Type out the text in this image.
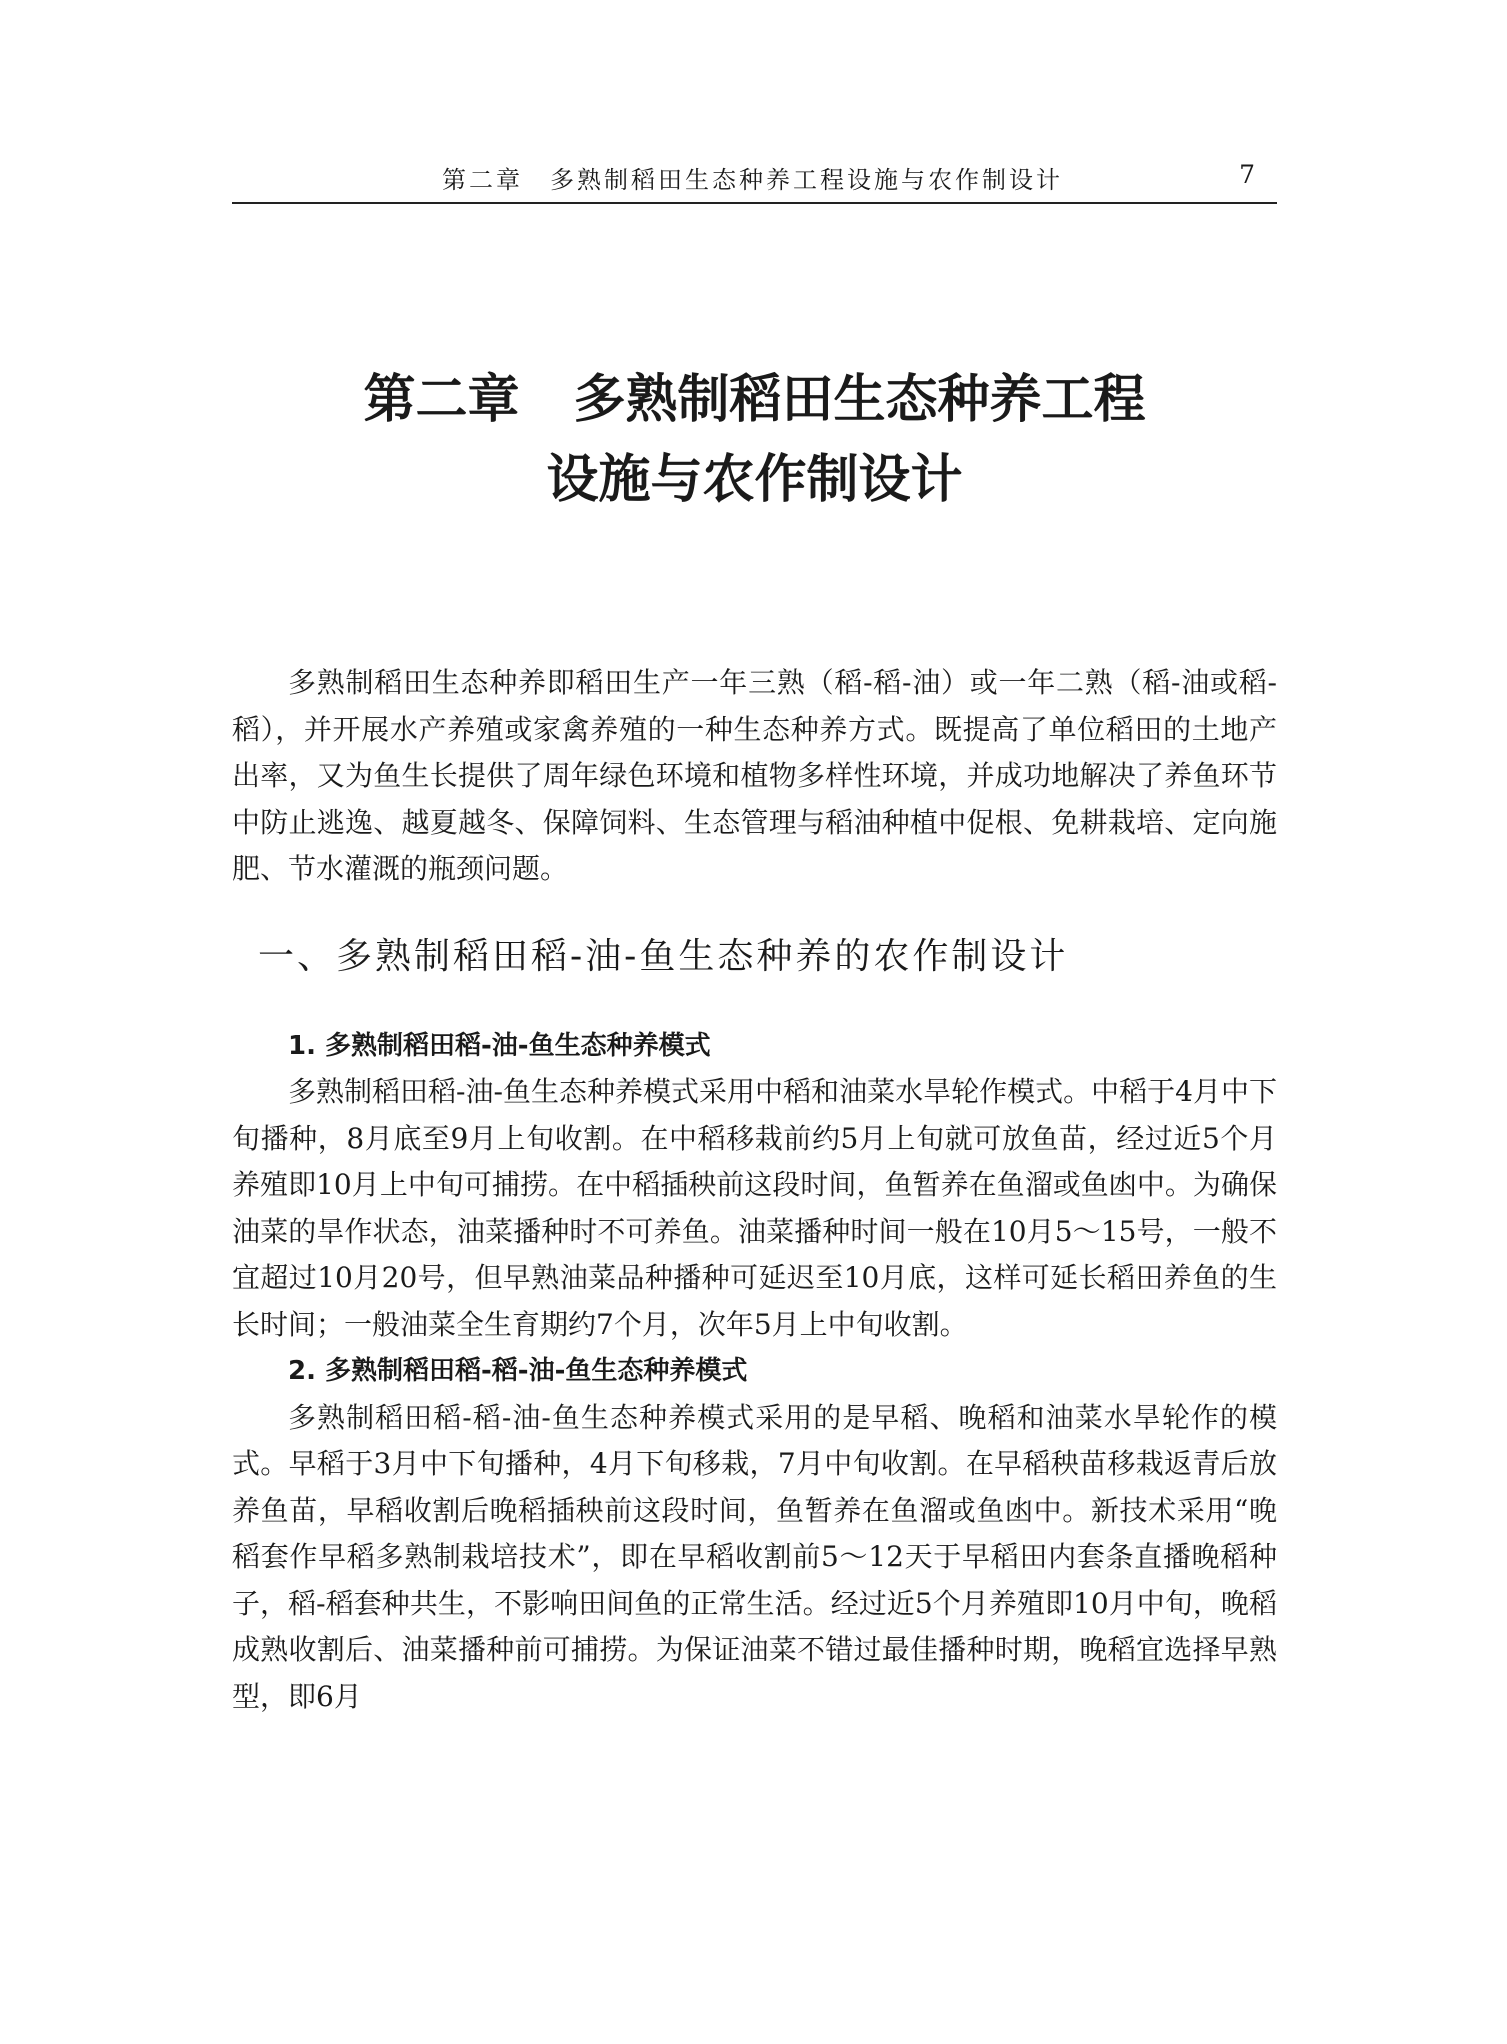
第二章　多熟制稻田生态种养工程设施与农作制设计	7
第二章 多熟制稻田生态种养工程
设施与农作制设计

多熟制稻田生态种养即稻田生产一年三熟（稻-稻-油）或一年二熟（稻-油或稻-稻），并开展水产养殖或家禽养殖的一种生态种养方式。既提高了单位稻田的土地产出率，又为鱼生长提供了周年绿色环境和植物多样性环境，并成功地解决了养鱼环节中防止逃逸、越夏越冬、保障饲料、生态管理与稻油种植中促根、免耕栽培、定向施肥、节水灌溉的瓶颈问题。

一、多熟制稻田稻-油-鱼生态种养的农作制设计

1. 多熟制稻田稻-油-鱼生态种养模式

多熟制稻田稻-油-鱼生态种养模式采用中稻和油菜水旱轮作模式。中稻于4月中下旬播种，8月底至9月上旬收割。在中稻移栽前约5月上旬就可放鱼苗，经过近5个月养殖即10月上中旬可捕捞。在中稻插秧前这段时间，鱼暂养在鱼溜或鱼凼中。为确保油菜的旱作状态，油菜播种时不可养鱼。油菜播种时间一般在10月5～15号，一般不宜超过10月20号，但早熟油菜品种播种可延迟至10月底，这样可延长稻田养鱼的生长时间；一般油菜全生育期约7个月，次年5月上中旬收割。

2. 多熟制稻田稻-稻-油-鱼生态种养模式

多熟制稻田稻-稻-油-鱼生态种养模式采用的是早稻、晚稻和油菜水旱轮作的模式。早稻于3月中下旬播种，4月下旬移栽，7月中旬收割。在早稻秧苗移栽返青后放养鱼苗，早稻收割后晚稻插秧前这段时间，鱼暂养在鱼溜或鱼凼中。新技术采用“晚稻套作早稻多熟制栽培技术”，即在早稻收割前5～12天于早稻田内套条直播晚稻种子，稻-稻套种共生，不影响田间鱼的正常生活。经过近5个月养殖即10月中旬，晚稻成熟收割后、油菜播种前可捕捞。为保证油菜不错过最佳播种时期，晚稻宜选择早熟型，即6月
